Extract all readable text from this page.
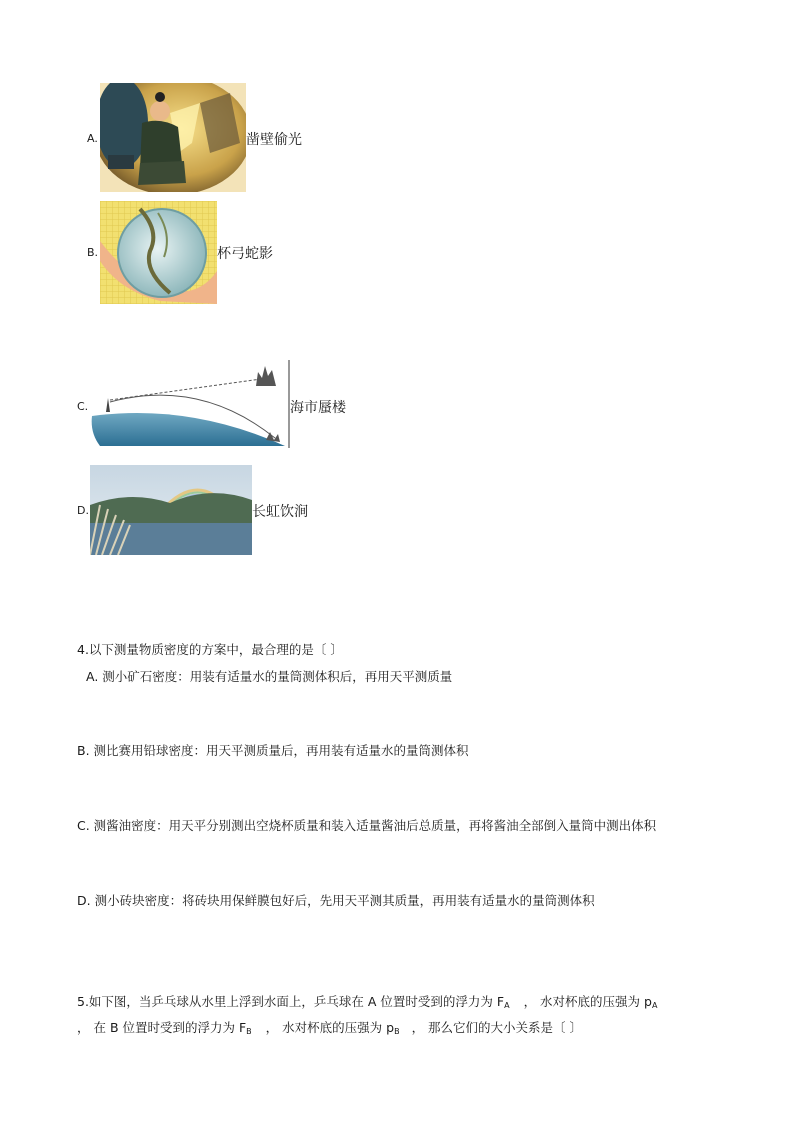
A.	凿壁偷光
B.	杯弓蛇影
C.	海市蜃楼
D.	长虹饮涧
4.以下测量物质密度的方案中，最合理的是〔 〕
A. 测小矿石密度：用装有适量水的量筒测体积后，再用天平测质量
B. 测比赛用铅球密度：用天平测质量后，再用装有适量水的量筒测体积
C. 测酱油密度：用天平分别测出空烧杯质量和装入适量酱油后总质量，再将酱油全部倒入量筒中测出体积
D. 测小砖块密度：将砖块用保鲜膜包好后，先用天平测其质量，再用装有适量水的量筒测体积
5.如下图，当乒乓球从水里上浮到水面上，乒乓球在 A 位置时受到的浮力为 $F_A$ ， 水对杯底的压强为 $p_A$
， 在 B 位置时受到的浮力为 $F_B$ ， 水对杯底的压强为 $p_B$ ， 那么它们的大小关系是〔 〕
